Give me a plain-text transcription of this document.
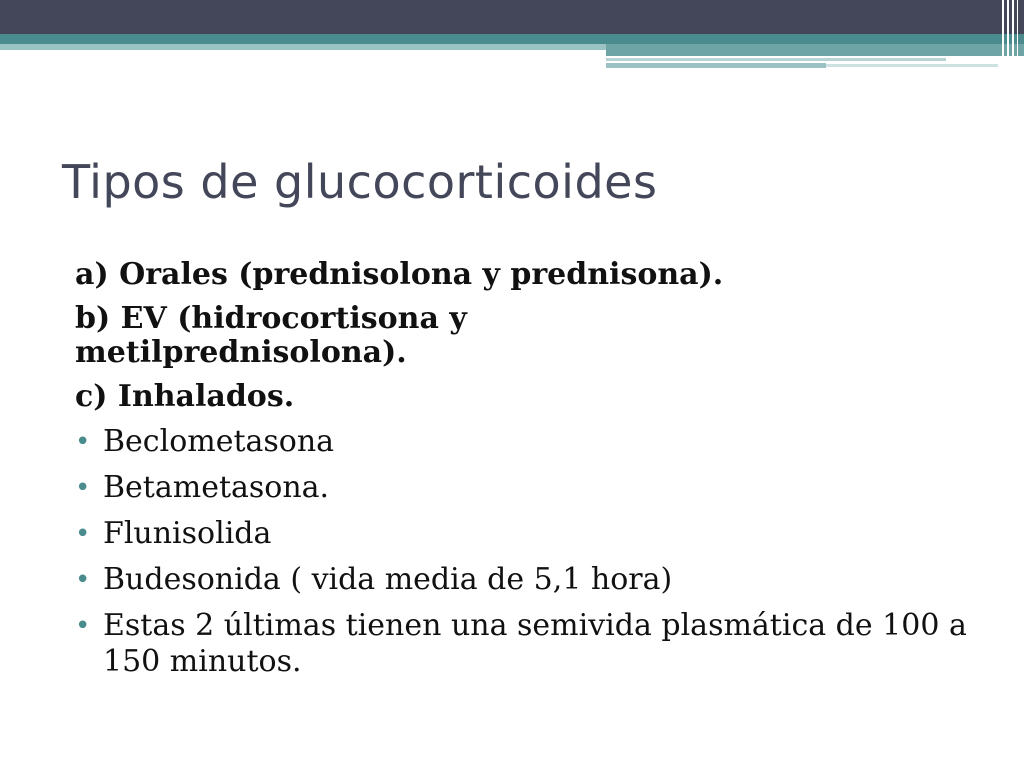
Tipos de glucocorticoides
a) Orales (prednisolona y prednisona).
b) EV (hidrocortisona y metilprednisolona).
c) Inhalados.
• Beclometasona
• Betametasona.
• Flunisolida
• Budesonida ( vida media de 5,1 hora)
• Estas 2 últimas tienen una semivida plasmática de 100 a 150 minutos.
